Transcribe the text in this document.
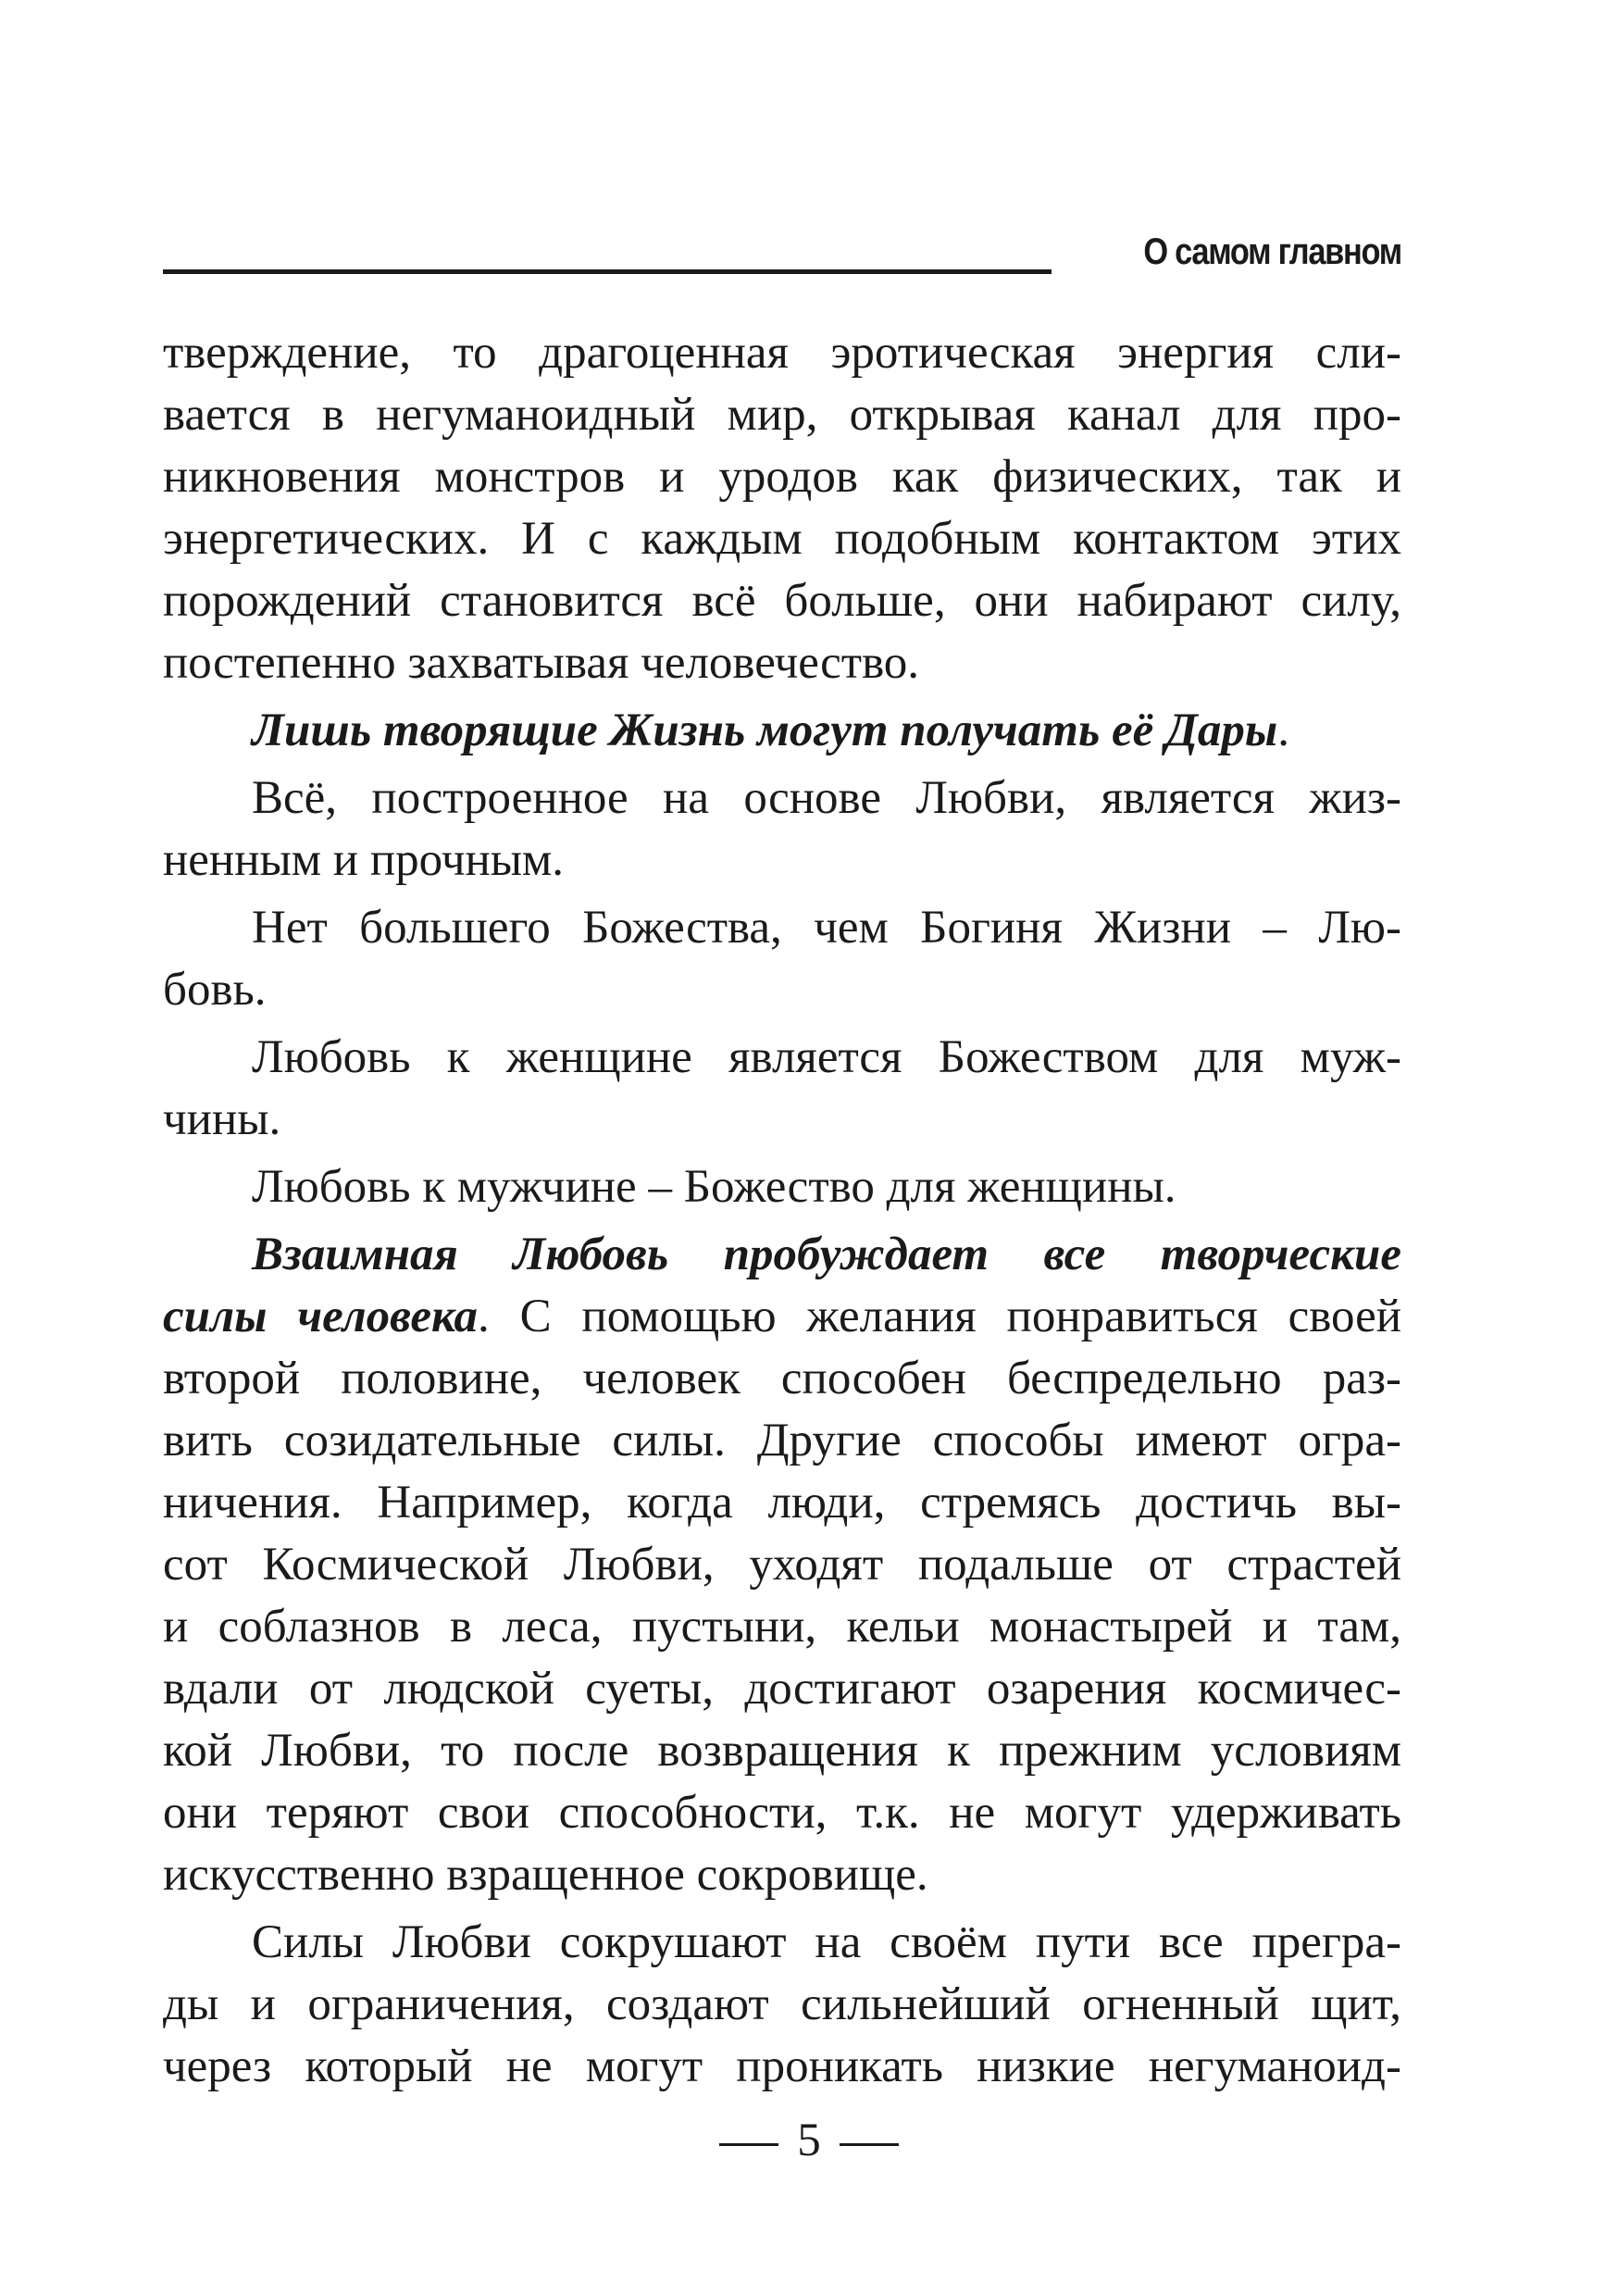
О самом главном
тверждение, то драгоценная эротическая энергия сли-
вается в негуманоидный мир, открывая канал для про-
никновения монстров и уродов как физических, так и
энергетических. И с каждым подобным контактом этих
порождений становится всё больше, они набирают силу,
постепенно захватывая человечество.
Лишь творящие Жизнь могут получать её Дары.
Всё, построенное на основе Любви, является жиз-
ненным и прочным.
Нет большего Божества, чем Богиня Жизни – Лю-
бовь.
Любовь к женщине является Божеством для муж-
чины.
Любовь к мужчине – Божество для женщины.
Взаимная Любовь пробуждает все творческие
силы человека. С помощью желания понравиться своей
второй половине, человек способен беспредельно раз-
вить созидательные силы. Другие способы имеют огра-
ничения. Например, когда люди, стремясь достичь вы-
сот Космической Любви, уходят подальше от страстей
и соблазнов в леса, пустыни, кельи монастырей и там,
вдали от людской суеты, достигают озарения космичес-
кой Любви, то после возвращения к прежним условиям
они теряют свои способности, т.к. не могут удерживать
искусственно взращенное сокровище.
Силы Любви сокрушают на своём пути все прегра-
ды и ограничения, создают сильнейший огненный щит,
через который не могут проникать низкие негуманоид-
5
